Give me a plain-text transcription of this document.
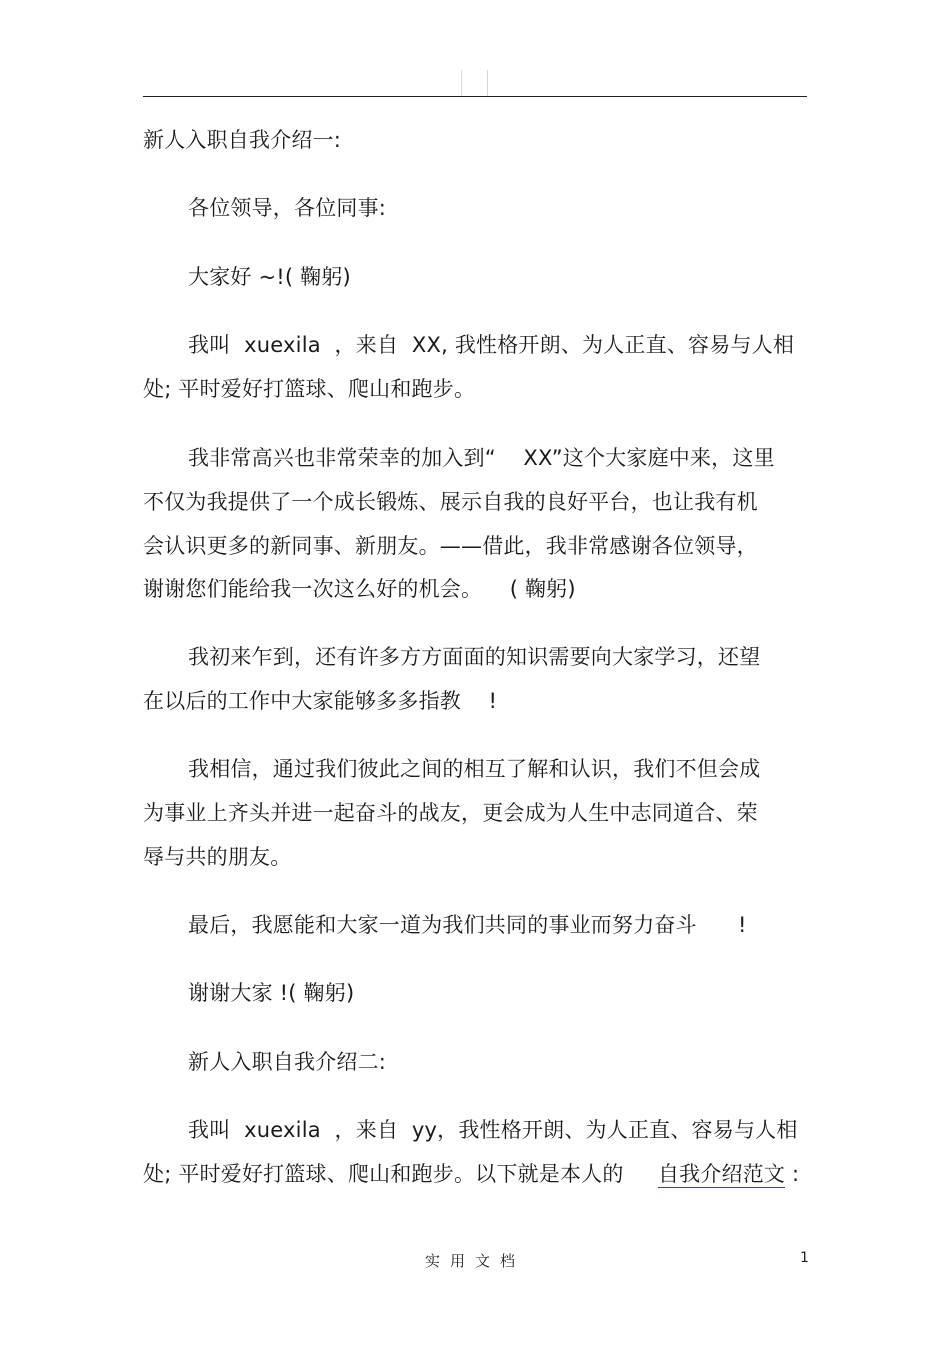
新人入职自我介绍一:
各位领导，各位同事:
大家好 ~!( 鞠躬)
我叫  xuexila  ，来自  XX, 我性格开朗、为人正直、容易与人相
处; 平时爱好打篮球、爬山和跑步。
我非常高兴也非常荣幸的加入到“    XX”这个大家庭中来，这里
不仅为我提供了一个成长锻炼、展示自我的良好平台，也让我有机
会认识更多的新同事、新朋友。——借此，我非常感谢各位领导，
谢谢您们能给我一次这么好的机会。    ( 鞠躬)
我初来乍到，还有许多方方面面的知识需要向大家学习，还望
在以后的工作中大家能够多多指教    !
我相信，通过我们彼此之间的相互了解和认识，我们不但会成
为事业上齐头并进一起奋斗的战友，更会成为人生中志同道合、荣
辱与共的朋友。
最后，我愿能和大家一道为我们共同的事业而努力奋斗      !
谢谢大家 !( 鞠躬)
新人入职自我介绍二:
我叫  xuexila  ，来自  yy，我性格开朗、为人正直、容易与人相
处; 平时爱好打篮球、爬山和跑步。以下就是本人的     自我介绍范文 :
实用文档	1
